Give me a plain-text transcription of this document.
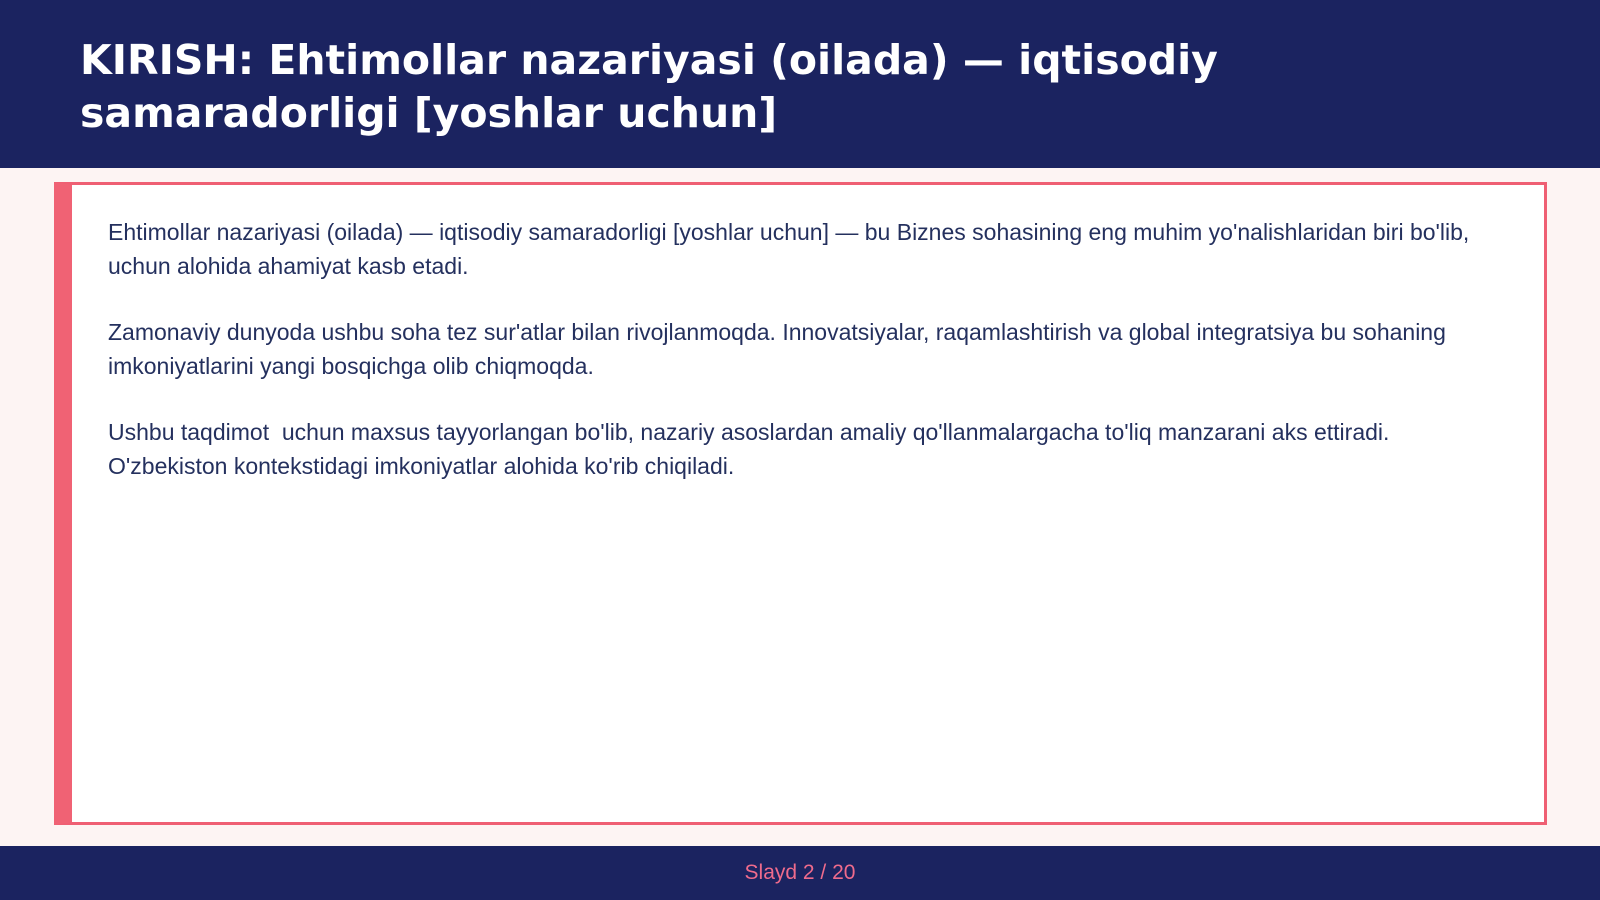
KIRISH: Ehtimollar nazariyasi (oilada) — iqtisodiy samaradorligi [yoshlar uchun]

Ehtimollar nazariyasi (oilada) — iqtisodiy samaradorligi [yoshlar uchun] — bu Biznes sohasining eng muhim yo'nalishlaridan biri bo'lib,  uchun alohida ahamiyat kasb etadi.

Zamonaviy dunyoda ushbu soha tez sur'atlar bilan rivojlanmoqda. Innovatsiyalar, raqamlashtirish va global integratsiya bu sohaning imkoniyatlarini yangi bosqichga olib chiqmoqda.

Ushbu taqdimot  uchun maxsus tayyorlangan bo'lib, nazariy asoslardan amaliy qo'llanmalargacha to'liq manzarani aks ettiradi. O'zbekiston kontekstidagi imkoniyatlar alohida ko'rib chiqiladi.

Slayd 2 / 20
